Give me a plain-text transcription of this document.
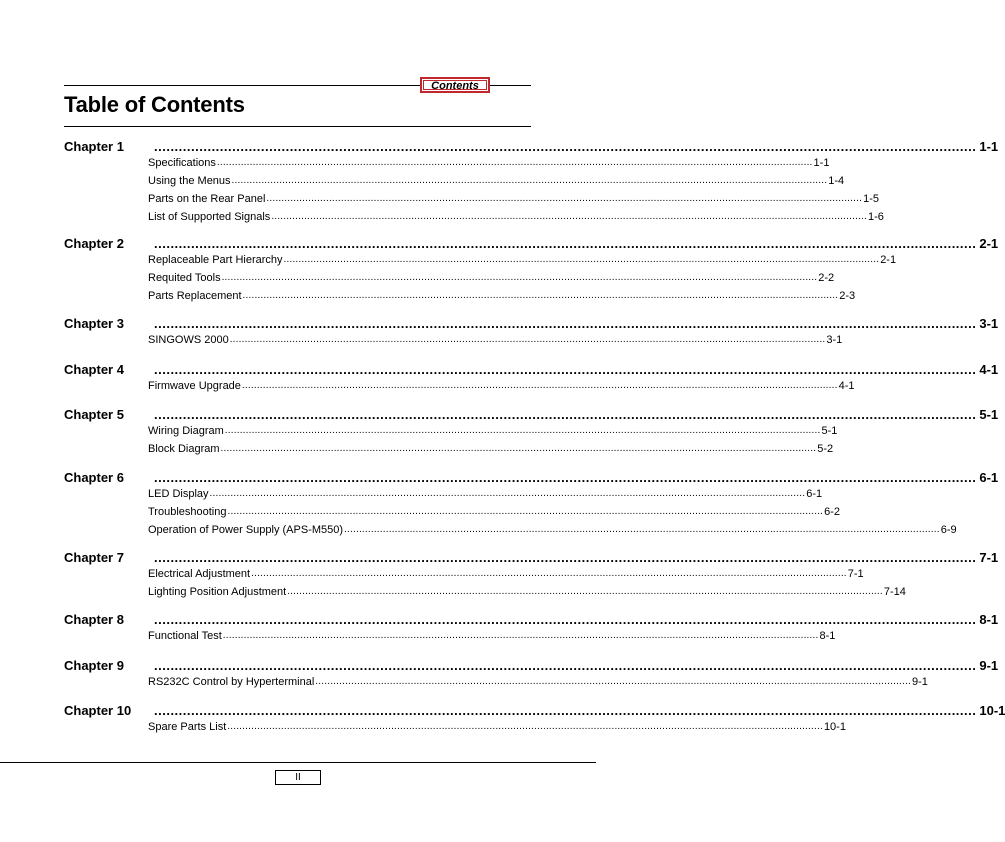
Contents
Table of Contents
Chapter 1	........................................................................................................................................................................................................ 1-1
Specifications ........................................................................................................................................................................................................ 1-1
Using the Menus ........................................................................................................................................................................................................ 1-4
Parts on the Rear Panel ........................................................................................................................................................................................................ 1-5
List of Supported Signals ........................................................................................................................................................................................................ 1-6
Chapter 2	........................................................................................................................................................................................................ 2-1
Replaceable Part Hierarchy ........................................................................................................................................................................................................ 2-1
Requited Tools ........................................................................................................................................................................................................ 2-2
Parts Replacement ........................................................................................................................................................................................................ 2-3
Chapter 3	........................................................................................................................................................................................................ 3-1
SINGOWS 2000 ........................................................................................................................................................................................................ 3-1
Chapter 4	........................................................................................................................................................................................................ 4-1
Firmwave Upgrade ........................................................................................................................................................................................................ 4-1
Chapter 5	........................................................................................................................................................................................................ 5-1
Wiring Diagram ........................................................................................................................................................................................................ 5-1
Block Diagram ........................................................................................................................................................................................................ 5-2
Chapter 6	........................................................................................................................................................................................................ 6-1
LED Display ........................................................................................................................................................................................................ 6-1
Troubleshooting ........................................................................................................................................................................................................ 6-2
Operation of Power Supply (APS-M550) ........................................................................................................................................................................................................ 6-9
Chapter 7	........................................................................................................................................................................................................ 7-1
Electrical Adjustment ........................................................................................................................................................................................................ 7-1
Lighting Position Adjustment ........................................................................................................................................................................................................ 7-14
Chapter 8	........................................................................................................................................................................................................ 8-1
Functional Test ........................................................................................................................................................................................................ 8-1
Chapter 9	........................................................................................................................................................................................................ 9-1
RS232C Control by Hyperterminal ........................................................................................................................................................................................................ 9-1
Chapter 10	........................................................................................................................................................................................................ 10-1
Spare Parts List ........................................................................................................................................................................................................ 10-1
II
